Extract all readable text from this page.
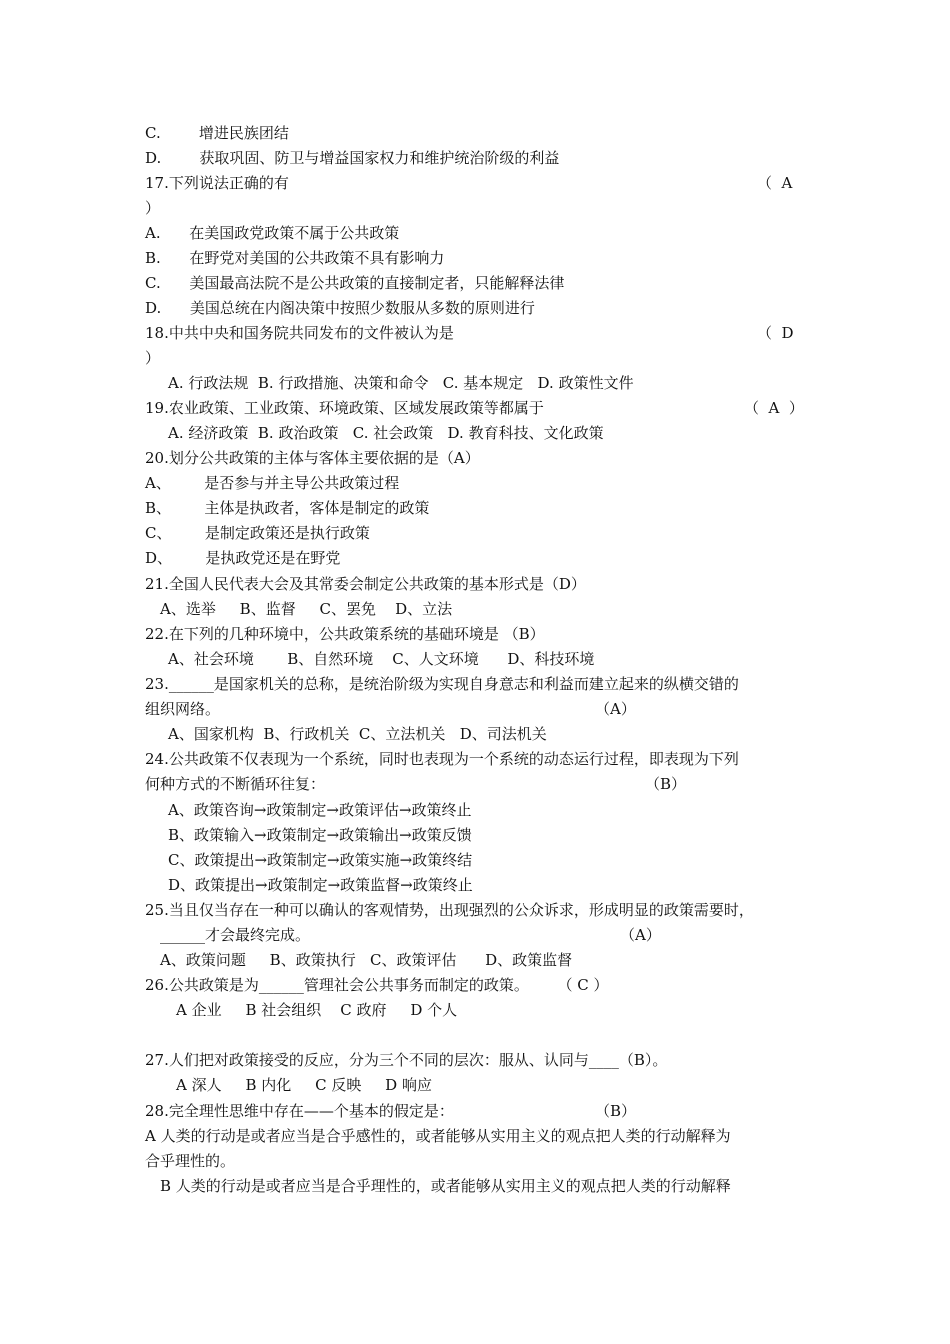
C.        增进民族团结
D.        获取巩固、防卫与增益国家权力和维护统治阶级的利益
17.下列说法正确的有	（  A
）
A.      在美国政党政策不属于公共政策
B.      在野党对美国的公共政策不具有影响力
C.      美国最高法院不是公共政策的直接制定者，只能解释法律
D.      美国总统在内阁决策中按照少数服从多数的原则进行
18.中共中央和国务院共同发布的文件被认为是	（  D
）
A. 行政法规  B. 行政措施、决策和命令   C. 基本规定   D. 政策性文件
19.农业政策、工业政策、环境政策、区域发展政策等都属于	（  A  ）
A. 经济政策  B. 政治政策   C. 社会政策   D. 教育科技、文化政策
20.划分公共政策的主体与客体主要依据的是（A）
A、       是否参与并主导公共政策过程
B、       主体是执政者，客体是制定的政策
C、       是制定政策还是执行政策
D、       是执政党还是在野党
21.全国人民代表大会及其常委会制定公共政策的基本形式是（D）
A、选举     B、监督     C、罢免    D、立法
22.在下列的几种环境中，公共政策系统的基础环境是 （B）
A、社会环境       B、自然环境    C、人文环境      D、科技环境
23.______是国家机关的总称，是统治阶级为实现自身意志和利益而建立起来的纵横交错的
组织网络。	（A）
A、国家机构  B、行政机关  C、立法机关   D、司法机关
24.公共政策不仅表现为一个系统，同时也表现为一个系统的动态运行过程，即表现为下列
何种方式的不断循环往复：	（B）
A、政策咨询→政策制定→政策评估→政策终止
B、政策输入→政策制定→政策输出→政策反馈
C、政策提出→政策制定→政策实施→政策终结
D、政策提出→政策制定→政策监督→政策终止
25.当且仅当存在一种可以确认的客观情势，出现强烈的公众诉求，形成明显的政策需要时，
______才会最终完成。	（A）
A、政策问题     B、政策执行   C、政策评估      D、政策监督
26.公共政策是为______管理社会公共事务而制定的政策。      （ C ）
A 企业     B 社会组织    C 政府     D 个人
27.人们把对政策接受的反应，分为三个不同的层次：服从、认同与____（B）。
A 深人     B 内化     C 反映     D 响应
28.完全理性思维中存在——个基本的假定是：	（B）
A 人类的行动是或者应当是合乎感性的，或者能够从实用主义的观点把人类的行动解释为
合乎理性的。
B 人类的行动是或者应当是合乎理性的，或者能够从实用主义的观点把人类的行动解释
